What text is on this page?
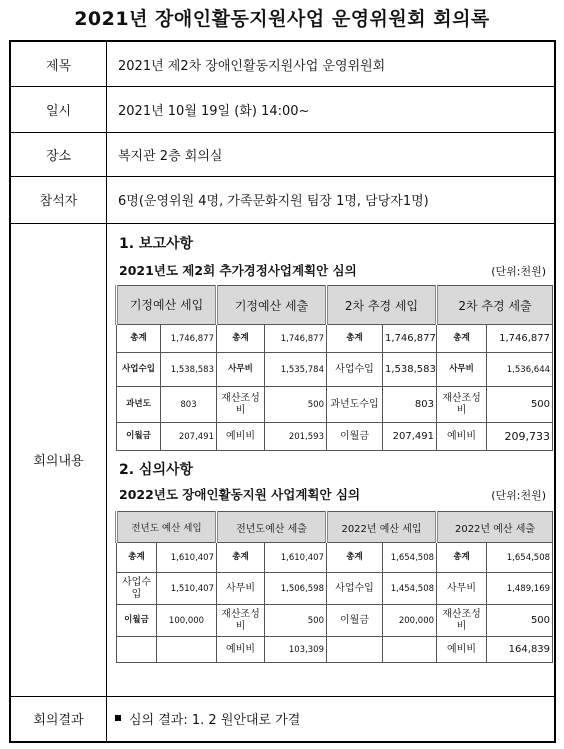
2021년 장애인활동지원사업 운영위원회 회의록
제목	2021년 제2차 장애인활동지원사업 운영위원회
일시	2021년 10월 19일 (화) 14:00~
장소	복지관 2층 회의실
참석자	6명(운영위원 4명, 가족문화지원 팀장 1명, 담당자1명)
회의내용
1. 보고사항
2021년도 제2회 추가경정사업계획안 심의	(단위:천원)
기정예산 세입		기정예산 세출		2차 추경 세입		2차 추경 세출	
총계	1,746,877	총계	1,746,877	총계	1,746,877	총계	1,746,877
사업수입	1,538,583	사무비	1,535,784	사업수입	1,538,583	사무비	1,536,644
과년도	803	재산조성비	500	과년도수입	803	재산조성비	500
이월금	207,491	예비비	201,593	이월금	207,491	예비비	209,733
2. 심의사항
2022년도 장애인활동지원 사업계획안 심의	(단위:천원)
전년도 예산 세입		전년도예산 세출		2022년 예산 세입		2022년 예산 세출	
총계	1,610,407	총계	1,610,407	총계	1,654,508	총계	1,654,508
사업수입	1,510,407	사무비	1,506,598	사업수입	1,454,508	사무비	1,489,169
이월금	100,000	재산조성비	500	이월금	200,000	재산조성비	500
		예비비	103,309			예비비	164,839
회의결과	심의 결과: 1. 2 원안대로 가결
